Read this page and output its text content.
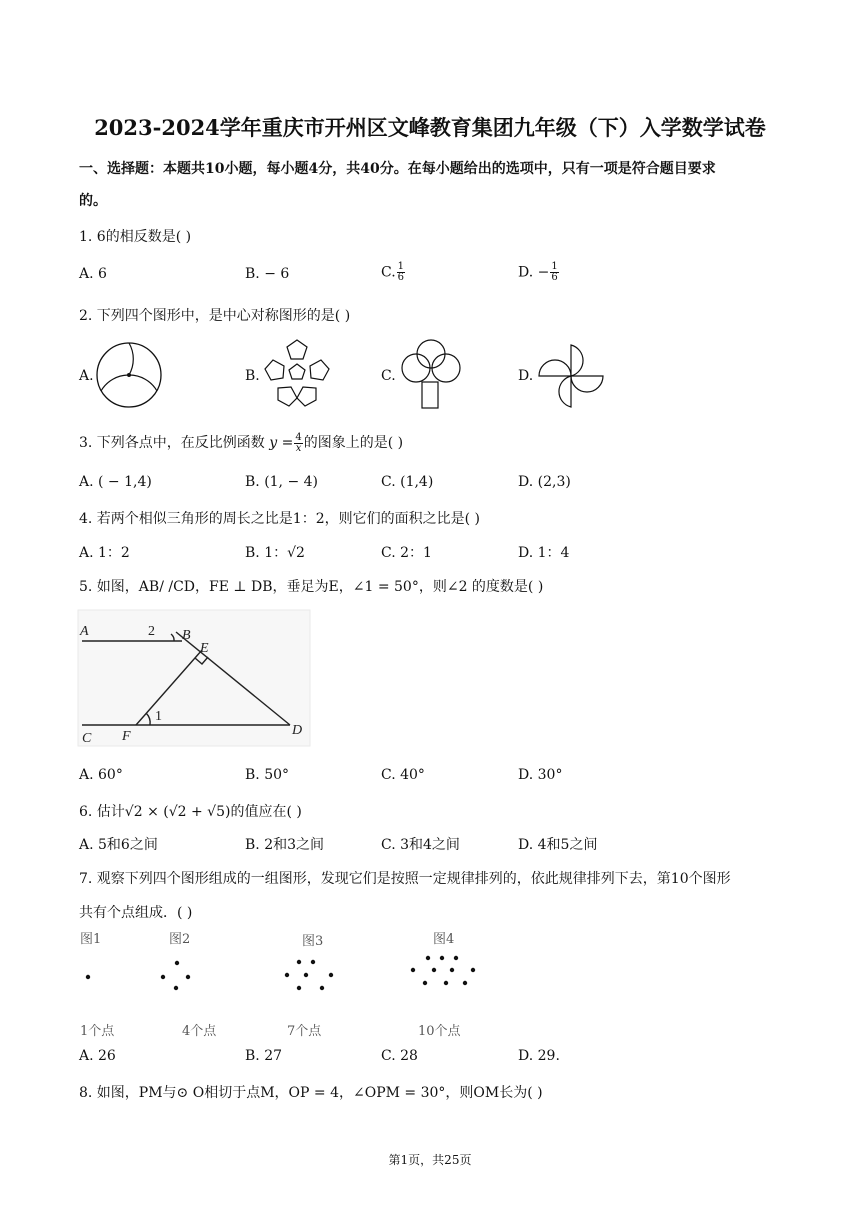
2023-2024学年重庆市开州区文峰教育集团九年级（下）入学数学试卷
一、选择题：本题共10小题，每小题4分，共40分。在每小题给出的选项中，只有一项是符合题目要求
的。
1. 6的相反数是( )
A. 6	B. − 6	C. $\frac{1}{6}$	D. − $\frac{1}{6}$
2. 下列四个图形中，是中心对称图形的是( )
A.	B.	C.	D.
3. 下列各点中，在反比例函数 $y = \frac{4}{x}$ 的图象上的是( )
A. ( − 1,4)	B. (1, − 4)	C. (1,4)	D. (2,3)
4. 若两个相似三角形的周长之比是1：2，则它们的面积之比是( )
A. 1：2	B. 1：√2	C. 2：1	D. 1：4
5. 如图，AB/ /CD，FE ⊥ DB，垂足为E，∠1 = 50°，则∠2 的度数是( )
A	2 B
E
1
C F	D
A. 60°	B. 50°	C. 40°	D. 30°
6. 估计√2 × (√2 + √5)的值应在( )
A. 5和6之间	B. 2和3之间	C. 3和4之间	D. 4和5之间
7. 观察下列四个图形组成的一组图形，发现它们是按照一定规律排列的，依此规律排列下去，第10个图形
共有个点组成．( )
图1	图2	图3	图4
1个点	4个点	7个点	10个点
A. 26	B. 27	C. 28	D. 29.
8. 如图，PM与⊙ O相切于点M，OP = 4，∠OPM = 30°，则OM长为( )
第1页，共25页
